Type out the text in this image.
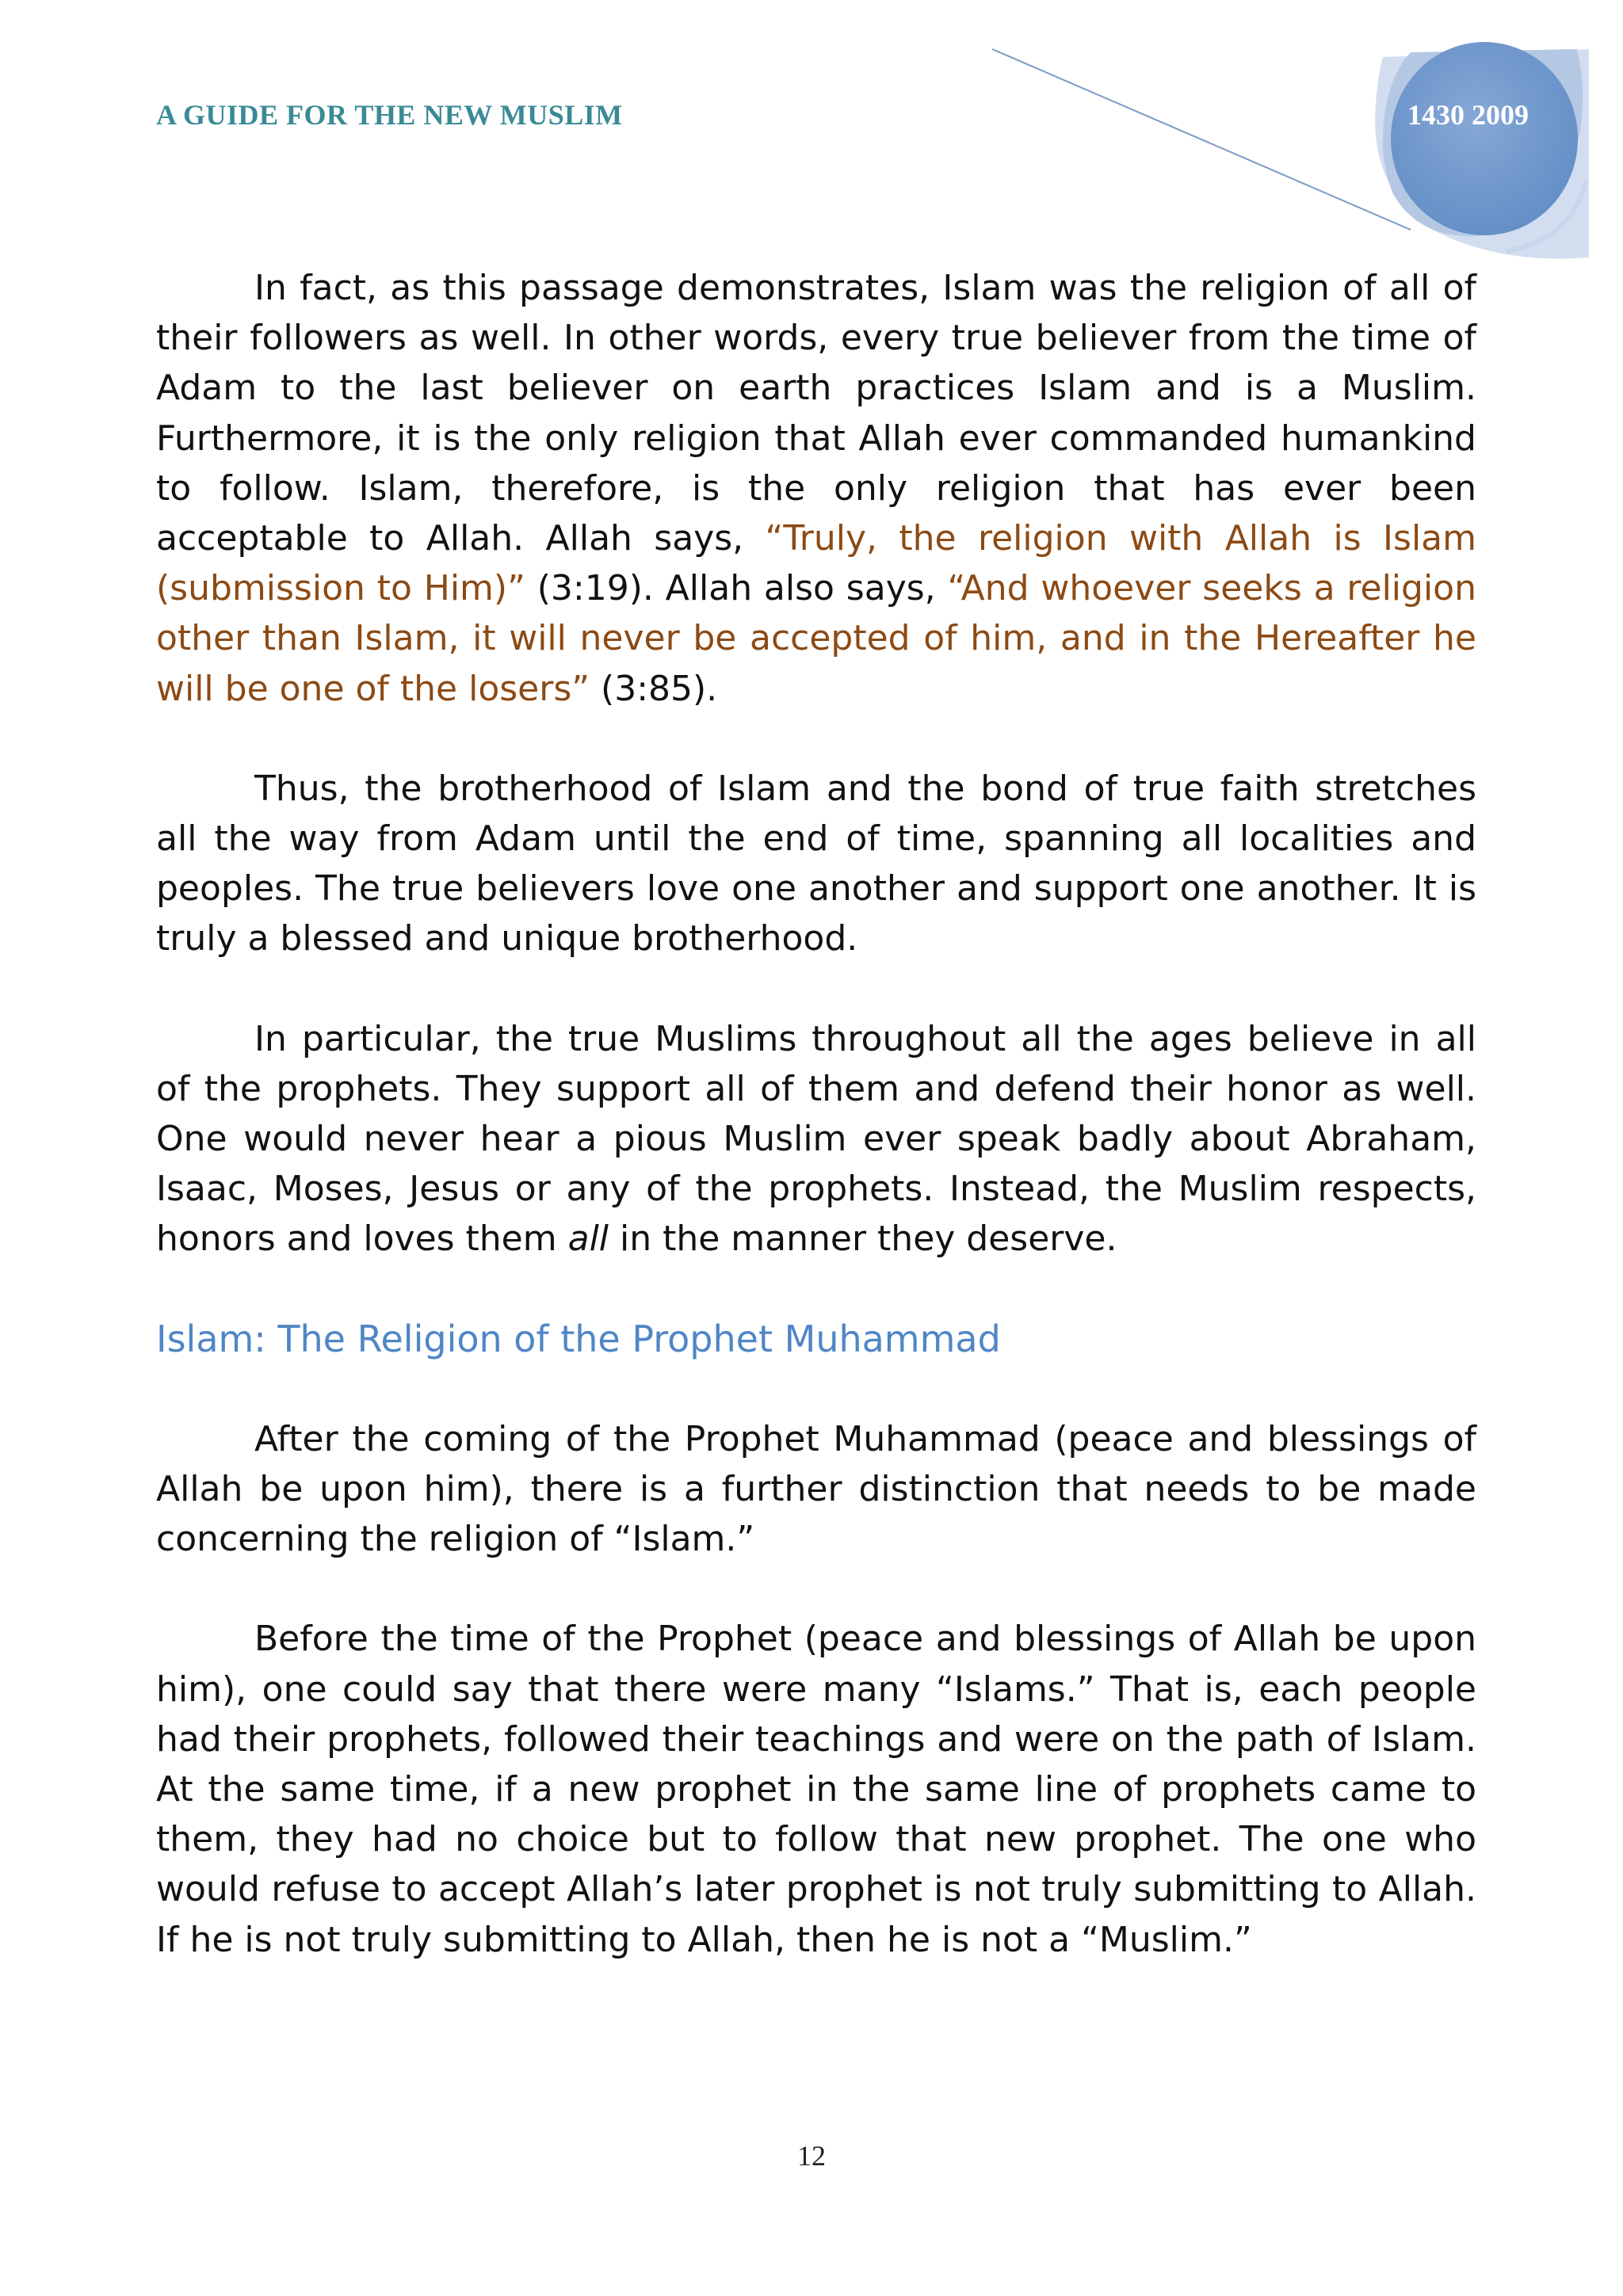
A GUIDE FOR THE NEW MUSLIM	1430 2009

In fact, as this passage demonstrates, Islam was the religion of all of their followers as well. In other words, every true believer from the time of Adam to the last believer on earth practices Islam and is a Muslim. Furthermore, it is the only religion that Allah ever commanded humankind to follow. Islam, therefore, is the only religion that has ever been acceptable to Allah. Allah says, “Truly, the religion with Allah is Islam (submission to Him)” (3:19). Allah also says, “And whoever seeks a religion other than Islam, it will never be accepted of him, and in the Hereafter he will be one of the losers” (3:85).

Thus, the brotherhood of Islam and the bond of true faith stretches all the way from Adam until the end of time, spanning all localities and peoples. The true believers love one another and support one another. It is truly a blessed and unique brotherhood.

In particular, the true Muslims throughout all the ages believe in all of the prophets. They support all of them and defend their honor as well. One would never hear a pious Muslim ever speak badly about Abraham, Isaac, Moses, Jesus or any of the prophets. Instead, the Muslim respects, honors and loves them all in the manner they deserve.

Islam: The Religion of the Prophet Muhammad

After the coming of the Prophet Muhammad (peace and blessings of Allah be upon him), there is a further distinction that needs to be made concerning the religion of “Islam.”

Before the time of the Prophet (peace and blessings of Allah be upon him), one could say that there were many “Islams.” That is, each people had their prophets, followed their teachings and were on the path of Islam. At the same time, if a new prophet in the same line of prophets came to them, they had no choice but to follow that new prophet. The one who would refuse to accept Allah’s later prophet is not truly submitting to Allah. If he is not truly submitting to Allah, then he is not a “Muslim.”

12
